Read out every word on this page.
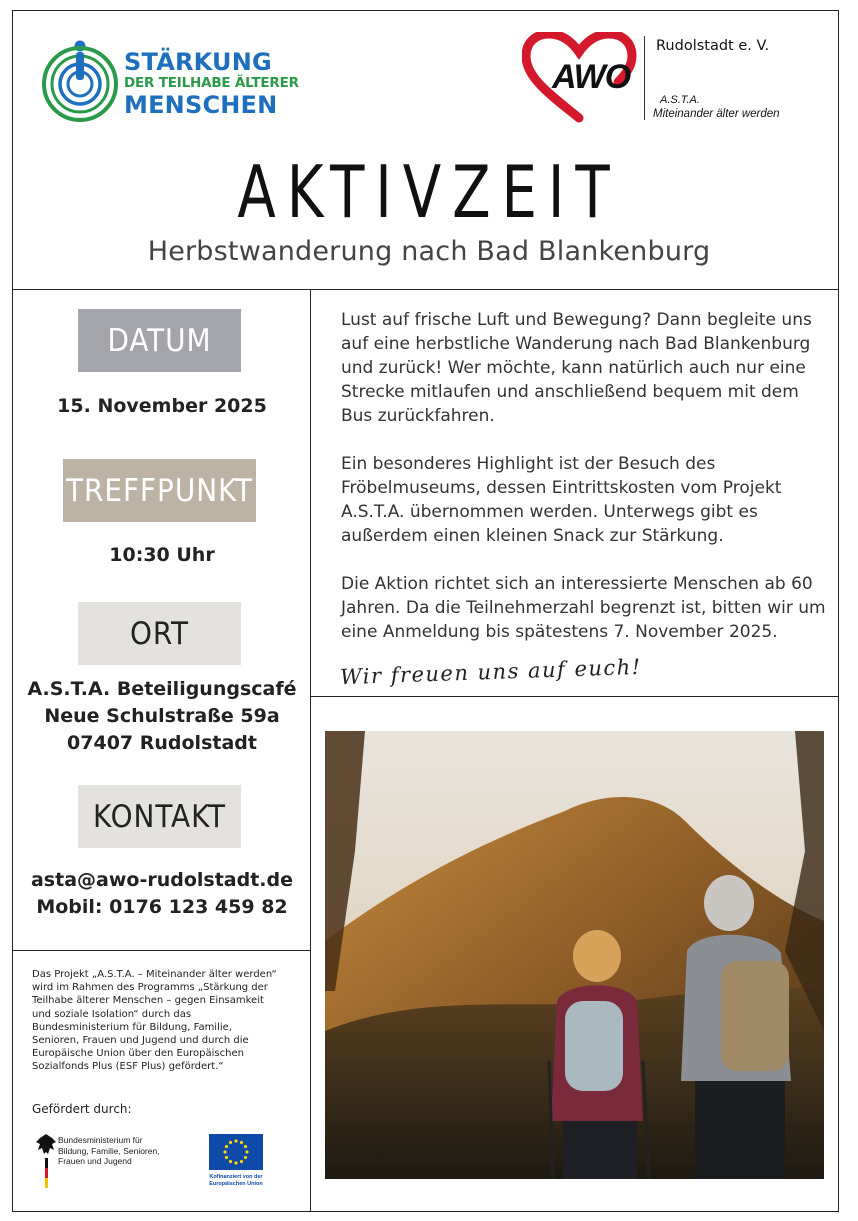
STÄRKUNG
DER TEILHABE ÄLTERER
MENSCHEN
AWO
Rudolstadt e. V.
A.S.T.A.
Miteinander älter werden
AKTIVZEIT
Herbstwanderung nach Bad Blankenburg
DATUM
15. November 2025
TREFFPUNKT
10:30 Uhr
ORT
A.S.T.A. Beteiligungscafé
Neue Schulstraße 59a
07407 Rudolstadt
KONTAKT
asta@awo-rudolstadt.de
Mobil: 0176 123 459 82
Das Projekt „A.S.T.A. – Miteinander älter werden“ wird im Rahmen des Programms „Stärkung der Teilhabe älterer Menschen – gegen Einsamkeit und soziale Isolation“ durch das Bundesministerium für Bildung, Familie, Senioren, Frauen und Jugend und durch die Europäische Union über den Europäischen Sozialfonds Plus (ESF Plus) gefördert.“
Gefördert durch:
Bundesministerium für Bildung, Familie, Senioren, Frauen und Jugend
Kofinanziert von der Europäischen Union

Lust auf frische Luft und Bewegung? Dann begleite uns auf eine herbstliche Wanderung nach Bad Blankenburg und zurück! Wer möchte, kann natürlich auch nur eine Strecke mitlaufen und anschließend bequem mit dem Bus zurückfahren.

Ein besonderes Highlight ist der Besuch des Fröbelmuseums, dessen Eintrittskosten vom Projekt A.S.T.A. übernommen werden. Unterwegs gibt es außerdem einen kleinen Snack zur Stärkung.

Die Aktion richtet sich an interessierte Menschen ab 60 Jahren. Da die Teilnehmerzahl begrenzt ist, bitten wir um eine Anmeldung bis spätestens 7. November 2025.

Wir freuen uns auf euch!
